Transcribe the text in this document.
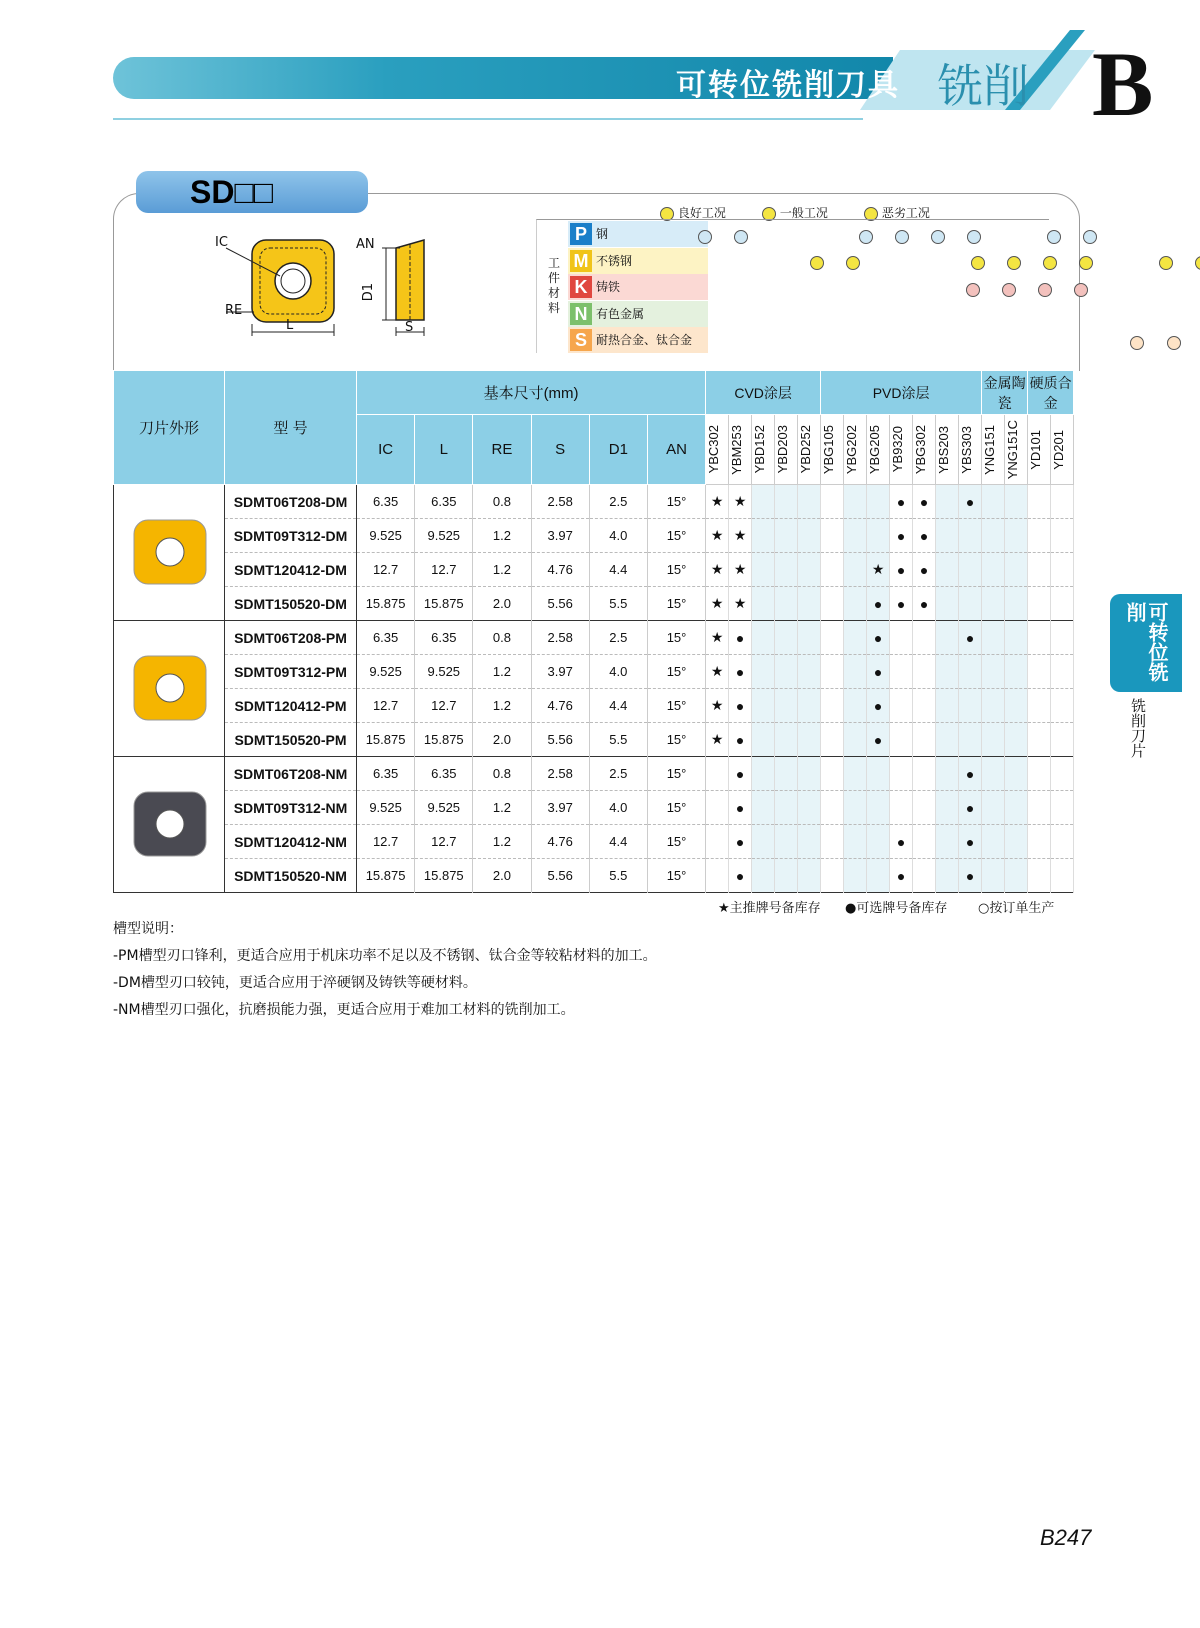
可转位铣削刀具 铣削 B
SD□□
IC
RE
L
AN
D1
S
良好工况	一般工况	恶劣工况
工件材料
P 钢
M 不锈钢
K 铸铁
N 有色金属
S 耐热合金、钛合金
刀片外形	型 号	基本尺寸(mm)						CVD涂层					PVD涂层							金属陶瓷		硬质合金	
		IC	L	RE	S	D1	AN	YBC302	YBM253	YBD152	YBD203	YBD252	YBG105	YBG202	YBG205	YB9320	YBG302	YBS203	YBS303	YNG151	YNG151C	YD101	YD201

	SDMT06T208-DM	6.35	6.35	0.8	2.58	2.5	15°	★	★							●	●		●				
	SDMT09T312-DM	9.525	9.525	1.2	3.97	4.0	15°	★	★							●	●						
	SDMT120412-DM	12.7	12.7	1.2	4.76	4.4	15°	★	★						★	●	●						
	SDMT150520-DM	15.875	15.875	2.0	5.56	5.5	15°	★	★						●	●	●						
	SDMT06T208-PM	6.35	6.35	0.8	2.58	2.5	15°	★	●						●				●				
	SDMT09T312-PM	9.525	9.525	1.2	3.97	4.0	15°	★	●						●								
	SDMT120412-PM	12.7	12.7	1.2	4.76	4.4	15°	★	●						●								
	SDMT150520-PM	15.875	15.875	2.0	5.56	5.5	15°	★	●						●								
	SDMT06T208-NM	6.35	6.35	0.8	2.58	2.5	15°		●										●				
	SDMT09T312-NM	9.525	9.525	1.2	3.97	4.0	15°		●										●				
	SDMT120412-NM	12.7	12.7	1.2	4.76	4.4	15°		●							●			●				
	SDMT150520-NM	15.875	15.875	2.0	5.56	5.5	15°		●							●			●				
★主推牌号备库存 ●可选牌号备库存 ○按订单生产
槽型说明：
-PM槽型刃口锋利，更适合应用于机床功率不足以及不锈钢、钛合金等较粘材料的加工。
-DM槽型刃口较钝，更适合应用于淬硬钢及铸铁等硬材料。
-NM槽型刃口强化，抗磨损能力强，更适合应用于难加工材料的铣削加工。
可转位铣削
铣削刀片
B247
